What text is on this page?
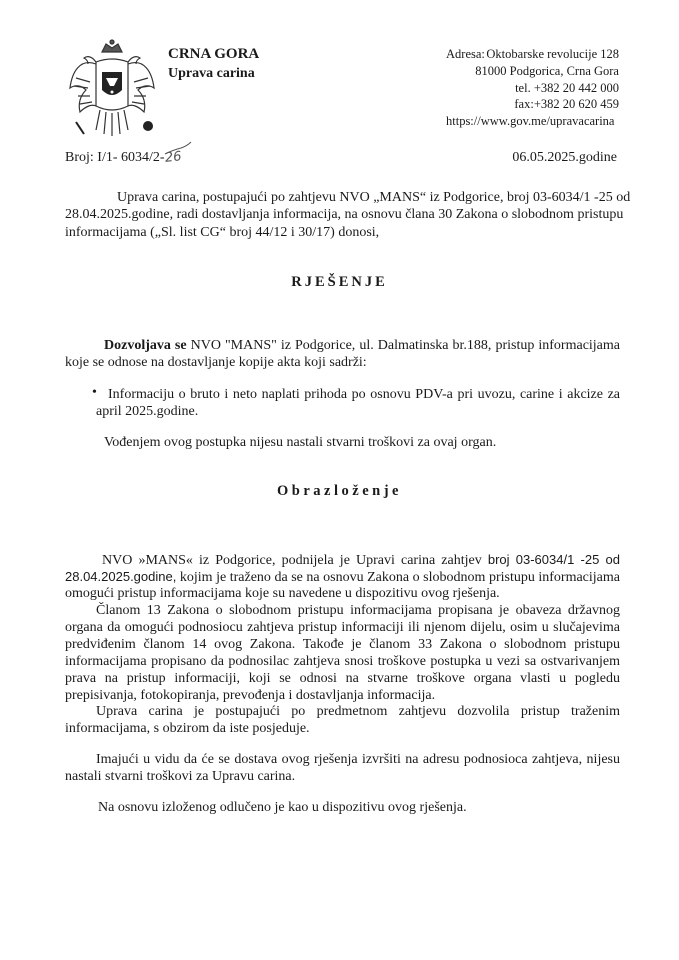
CRNA GORA
Uprava carina
Adresa: Oktobarske revolucije 128
81000 Podgorica, Crna Gora
tel. +382 20 442 000
fax:+382 20 620 459
https://www.gov.me/upravacarina
Broj: I/1- 6034/2-26	06.05.2025.godine
Uprava carina, postupajući po zahtjevu NVO „MANS“ iz Podgorice, broj 03-6034/1 -25 od
28.04.2025.godine, radi dostavljanja informacija, na osnovu člana 30 Zakona o slobodnom pristupu
informacijama („Sl. list CG“ broj 44/12 i 30/17) donosi,
RJEŠENJE
Dozvoljava se NVO "MANS" iz Podgorice, ul. Dalmatinska br.188, pristup informacijama
koje se odnose na dostavljanje kopije akta koji sadrži:
• Informaciju o bruto i neto naplati prihoda po osnovu PDV-a pri uvozu, carine i akcize za
april 2025.godine.
Vođenjem ovog postupka nijesu nastali stvarni troškovi za ovaj organ.
Obrazloženje
NVO »MANS« iz Podgorice, podnijela je Upravi carina zahtjev broj 03-6034/1 -25 od
28.04.2025.godine, kojim je traženo da se na osnovu Zakona o slobodnom pristupu informacijama
omogući pristup informacijama koje su navedene u dispozitivu ovog rješenja.
Članom 13 Zakona o slobodnom pristupu informacijama propisana je obaveza državnog
organa da omogući podnosiocu zahtjeva pristup informaciji ili njenom dijelu, osim u slučajevima
predviđenim članom 14 ovog Zakona. Takođe je članom 33 Zakona o slobodnom pristupu
informacijama propisano da podnosilac zahtjeva snosi troškove postupka u vezi sa ostvarivanjem
prava na pristup informaciji, koji se odnosi na stvarne troškove organa vlasti u pogledu
prepisivanja, fotokopiranja, prevođenja i dostavljanja informacija.
Uprava carina je postupajući po predmetnom zahtjevu dozvolila pristup traženim
informacijama, s obzirom da iste posjeduje.
Imajući u vidu da će se dostava ovog rješenja izvršiti na adresu podnosioca zahtjeva, nijesu
nastali stvarni troškovi za Upravu carina.
Na osnovu izloženog odlučeno je kao u dispozitivu ovog rješenja.
